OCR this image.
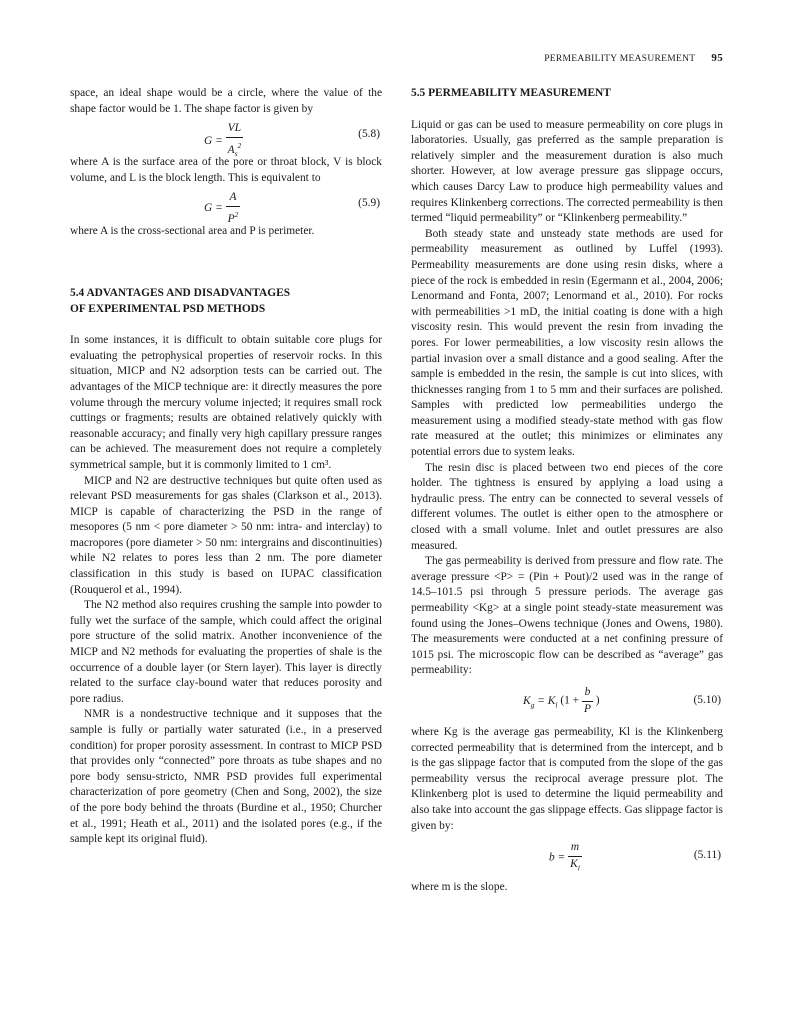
PERMEABILITY MEASUREMENT 95

space, an ideal shape would be a circle, where the value of the shape factor would be 1. The shape factor is given by

$G = \frac{VL}{A_s^2}$	(5.8)

where A is the surface area of the pore or throat block, V is block volume, and L is the block length. This is equivalent to

$G = \frac{A}{P^2}$	(5.9)

where A is the cross-sectional area and P is perimeter.

5.4 ADVANTAGES AND DISADVANTAGES
OF EXPERIMENTAL PSD METHODS

In some instances, it is difficult to obtain suitable core plugs for evaluating the petrophysical properties of reservoir rocks. In this situation, MICP and N2 adsorption tests can be carried out. The advantages of the MICP technique are: it directly measures the pore volume through the mercury volume injected; it requires small rock cuttings or fragments; results are obtained relatively quickly with reasonable accuracy; and finally very high capillary pressure ranges can be achieved. The measurement does not require a completely symmetrical sample, but it is commonly limited to 1 cm³.

MICP and N2 are destructive techniques but quite often used as relevant PSD measurements for gas shales (Clarkson et al., 2013). MICP is capable of characterizing the PSD in the range of mesopores (5 nm < pore diameter > 50 nm: intra- and interclay) to macropores (pore diameter > 50 nm: intergrains and discontinuities) while N2 relates to pores less than 2 nm. The pore diameter classification in this study is based on IUPAC classification (Rouquerol et al., 1994).

The N2 method also requires crushing the sample into powder to fully wet the surface of the sample, which could affect the original pore structure of the solid matrix. Another inconvenience of the MICP and N2 methods for evaluating the properties of shale is the occurrence of a double layer (or Stern layer). This layer is directly related to the surface clay-bound water that reduces porosity and pore radius.

NMR is a nondestructive technique and it supposes that the sample is fully or partially water saturated (i.e., in a preserved condition) for proper porosity assessment. In contrast to MICP PSD that provides only “connected” pore throats as tube shapes and no pore body sensu-stricto, NMR PSD provides full experimental characterization of pore geometry (Chen and Song, 2002), the size of the pore body behind the throats (Burdine et al., 1950; Churcher et al., 1991; Heath et al., 2011) and the isolated pores (e.g., if the sample kept its original fluid).

5.5 PERMEABILITY MEASUREMENT

Liquid or gas can be used to measure permeability on core plugs in laboratories. Usually, gas preferred as the sample preparation is relatively simpler and the measurement duration is also much shorter. However, at low average pressure gas slippage occurs, which causes Darcy Law to produce high permeability values and requires Klinkenberg corrections. The corrected permeability is then termed “liquid permeability” or “Klinkenberg permeability.”

Both steady state and unsteady state methods are used for permeability measurement as outlined by Luffel (1993). Permeability measurements are done using resin disks, where a piece of the rock is embedded in resin (Egermann et al., 2004, 2006; Lenormand and Fonta, 2007; Lenormand et al., 2010). For rocks with permeabilities >1 mD, the initial coating is done with a high viscosity resin. This would prevent the resin from invading the pores. For lower permeabilities, a low viscosity resin allows the partial invasion over a small distance and a good sealing. After the sample is embedded in the resin, the sample is cut into slices, with thicknesses ranging from 1 to 5 mm and their surfaces are polished. Samples with predicted low permeabilities undergo the measurement using a modified steady-state method with gas flow rate measured at the outlet; this minimizes or eliminates any potential errors due to system leaks.

The resin disc is placed between two end pieces of the core holder. The tightness is ensured by applying a load using a hydraulic press. The entry can be connected to several vessels of different volumes. The outlet is either open to the atmosphere or closed with a small volume. Inlet and outlet pressures are also measured.

The gas permeability is derived from pressure and flow rate. The average pressure <P> = (Pin + Pout)/2 used was in the range of 14.5–101.5 psi through 5 pressure periods. The average gas permeability <Kg> at a single point steady-state measurement was found using the Jones–Owens technique (Jones and Owens, 1980). The measurements were conducted at a net confining pressure of 1015 psi. The microscopic flow can be described as “average” gas permeability:

$K_g = K_l$ ($1 + \frac{b}{P}$ )	(5.10)

where Kg is the average gas permeability, Kl is the Klinkenberg corrected permeability that is determined from the intercept, and b is the gas slippage factor that is computed from the slope of the gas permeability versus the reciprocal average pressure plot. The Klinkenberg plot is used to determine the liquid permeability and also take into account the gas slippage effects. Gas slippage factor is given by:

$b = \frac{m}{K_l}$	(5.11)

where m is the slope.
